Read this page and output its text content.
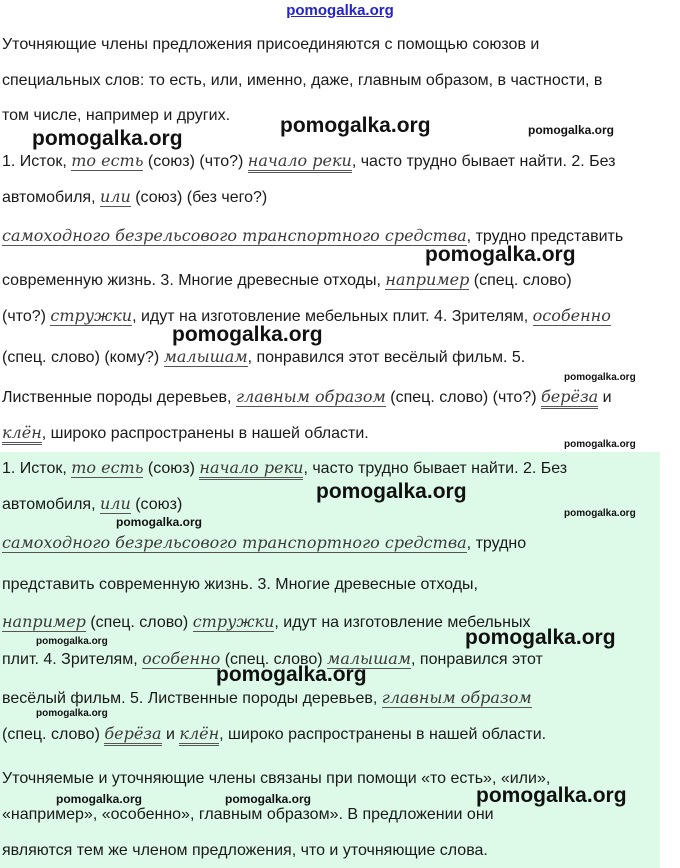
pomogalka.org
Уточняющие члены предложения присоединяются с помощью союзов и
специальных слов: то есть, или, именно, даже, главным образом, в частности, в
том числе, например и других.
1. Исток, то есть (союз) (что?) начало реки, часто трудно бывает найти. 2. Без
автомобиля, или (союз) (без чего?)
самоходного безрельсового транспортного средства, трудно представить
современную жизнь. 3. Многие древесные отходы, например (спец. слово)
(что?) стружки, идут на изготовление мебельных плит. 4. Зрителям, особенно
(спец. слово) (кому?) малышам, понравился этот весёлый фильм. 5.
Лиственные породы деревьев, главным образом (спец. слово) (что?) берёза и
клён, широко распространены в нашей области.
1. Исток, то есть (союз) начало реки, часто трудно бывает найти. 2. Без
автомобиля, или (союз)
самоходного безрельсового транспортного средства, трудно
представить современную жизнь. 3. Многие древесные отходы,
например (спец. слово) стружки, идут на изготовление мебельных
плит. 4. Зрителям, особенно (спец. слово) малышам, понравился этот
весёлый фильм. 5. Лиственные породы деревьев, главным образом
(спец. слово) берёза и клён, широко распространены в нашей области.
Уточняемые и уточняющие члены связаны при помощи «то есть», «или»,
«например», «особенно», главным образом». В предложении они
являются тем же членом предложения, что и уточняющие слова.
pomogalka.org
pomogalka.org	pomogalka.org
pomogalka.org
pomogalka.org
pomogalka.org
pomogalka.org
pomogalka.org
pomogalka.org
pomogalka.org
pomogalka.org
pomogalka.org
pomogalka.org
pomogalka.org
pomogalka.org
pomogalka.org	pomogalka.org
